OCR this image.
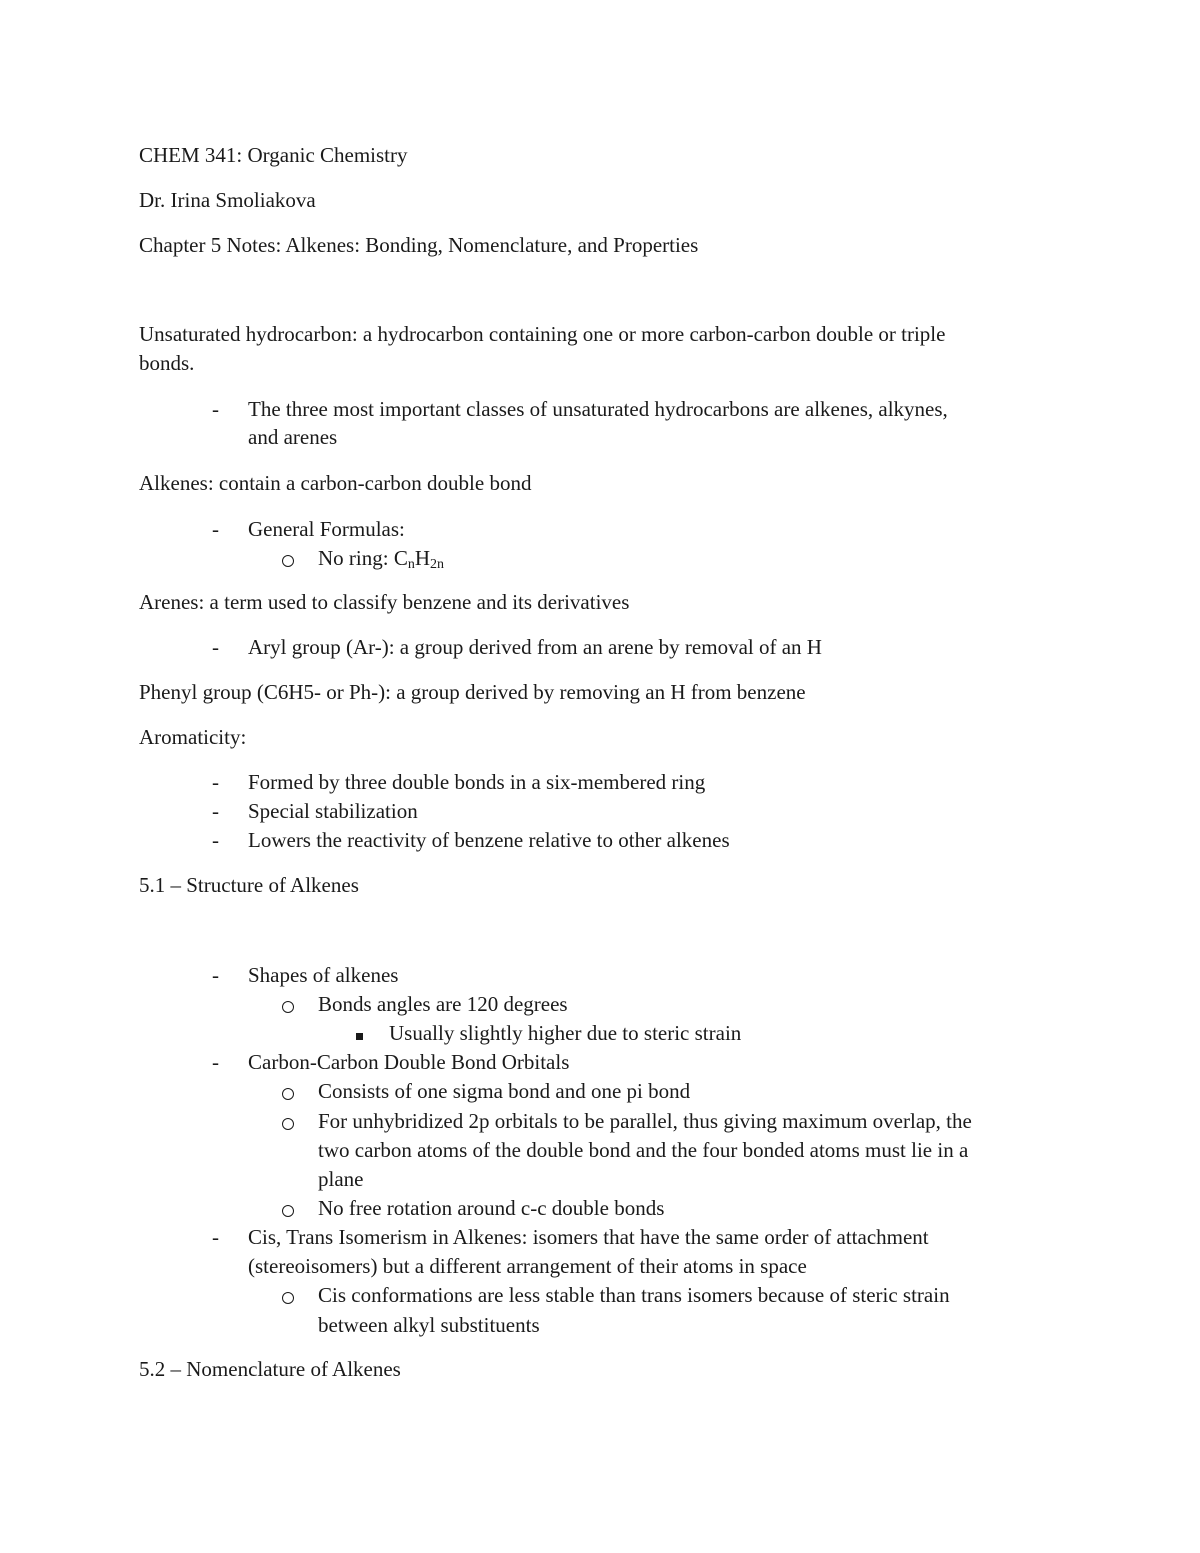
CHEM 341: Organic Chemistry
Dr. Irina Smoliakova
Chapter 5 Notes: Alkenes: Bonding, Nomenclature, and Properties
Unsaturated hydrocarbon: a hydrocarbon containing one or more carbon-carbon double or triple
bonds.
- The three most important classes of unsaturated hydrocarbons are alkenes, alkynes,
and arenes
Alkenes: contain a carbon-carbon double bond
- General Formulas:
No ring: $C_nH_{2n}$
Arenes: a term used to classify benzene and its derivatives
- Aryl group (Ar-): a group derived from an arene by removal of an H
Phenyl group (C6H5- or Ph-): a group derived by removing an H from benzene
Aromaticity:
- Formed by three double bonds in a six-membered ring
- Special stabilization
- Lowers the reactivity of benzene relative to other alkenes
5.1 – Structure of Alkenes
- Shapes of alkenes
Bonds angles are 120 degrees
Usually slightly higher due to steric strain
- Carbon-Carbon Double Bond Orbitals
Consists of one sigma bond and one pi bond
For unhybridized 2p orbitals to be parallel, thus giving maximum overlap, the
two carbon atoms of the double bond and the four bonded atoms must lie in a
plane
No free rotation around c-c double bonds
- Cis, Trans Isomerism in Alkenes: isomers that have the same order of attachment
(stereoisomers) but a different arrangement of their atoms in space
Cis conformations are less stable than trans isomers because of steric strain
between alkyl substituents
5.2 – Nomenclature of Alkenes
